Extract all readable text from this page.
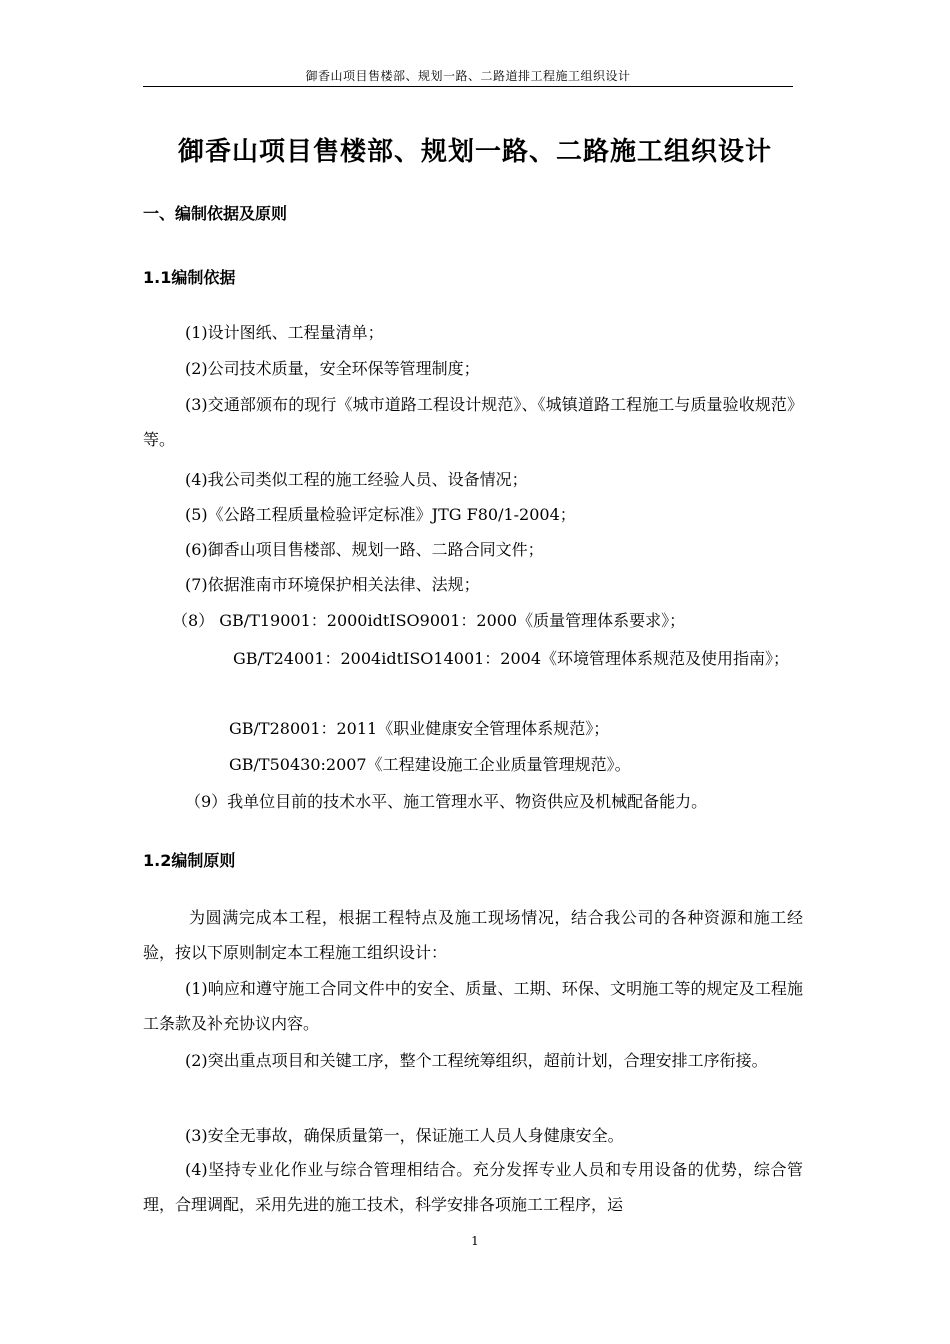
御香山项目售楼部、规划一路、二路道排工程施工组织设计
御香山项目售楼部、规划一路、二路施工组织设计
一、编制依据及原则
1.1编制依据
(1)设计图纸、工程量清单；
(2)公司技术质量，安全环保等管理制度；
(3)交通部颁布的现行《城市道路工程设计规范》、《城镇道路工程施工与质量验收规范》等。
(4)我公司类似工程的施工经验人员、设备情况；
(5)《公路工程质量检验评定标准》JTG F80/1-2004；
(6)御香山项目售楼部、规划一路、二路合同文件；
(7)依据淮南市环境保护相关法律、法规；
（8） GB/T19001：2000idtISO9001：2000《质量管理体系要求》；
GB/T24001：2004idtISO14001：2004《环境管理体系规范及使用指南》；
GB/T28001：2011《职业健康安全管理体系规范》；
GB/T50430:2007《工程建设施工企业质量管理规范》。
（9）我单位目前的技术水平、施工管理水平、物资供应及机械配备能力。
1.2编制原则
为圆满完成本工程，根据工程特点及施工现场情况，结合我公司的各种资源和施工经验，按以下原则制定本工程施工组织设计：
(1)响应和遵守施工合同文件中的安全、质量、工期、环保、文明施工等的规定及工程施工条款及补充协议内容。
(2)突出重点项目和关键工序，整个工程统筹组织，超前计划，合理安排工序衔接。
(3)安全无事故，确保质量第一，保证施工人员人身健康安全。
(4)坚持专业化作业与综合管理相结合。充分发挥专业人员和专用设备的优势，综合管理，合理调配，采用先进的施工技术，科学安排各项施工工程序，运
1
